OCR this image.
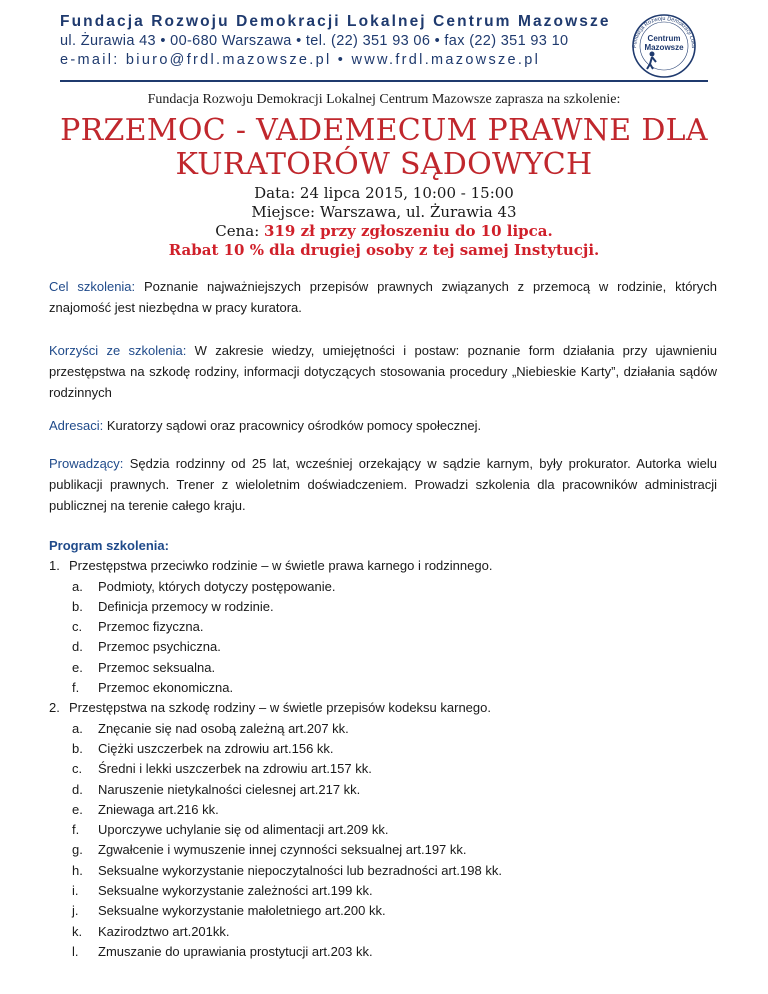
Fundacja Rozwoju Demokracji Lokalnej Centrum Mazowsze
ul. Żurawia 43 • 00-680 Warszawa • tel. (22) 351 93 06 • fax (22) 351 93 10
e-mail: biuro@frdl.mazowsze.pl • www.frdl.mazowsze.pl
Fundacja Rozwoju Demokracji Loka
Centrum
Mazowsze
Fundacja Rozwoju Demokracji Lokalnej Centrum Mazowsze zaprasza na szkolenie:
PRZEMOC - VADEMECUM PRAWNE DLA
KURATORÓW SĄDOWYCH
Data: 24 lipca 2015, 10:00 - 15:00
Miejsce: Warszawa, ul. Żurawia 43
Cena: 319 zł przy zgłoszeniu do 10 lipca.
Rabat 10 % dla drugiej osoby z tej samej Instytucji.
Cel szkolenia: Poznanie najważniejszych przepisów prawnych związanych z przemocą w rodzinie, których znajomość jest niezbędna w pracy kuratora.
Korzyści ze szkolenia: W zakresie wiedzy, umiejętności i postaw: poznanie form działania przy ujawnieniu przestępstwa na szkodę rodziny, informacji dotyczących stosowania procedury „Niebieskie Karty”, działania sądów rodzinnych
Adresaci: Kuratorzy sądowi oraz pracownicy ośrodków pomocy społecznej.
Prowadzący: Sędzia rodzinny od 25 lat, wcześniej orzekający w sądzie karnym, były prokurator. Autorka wielu publikacji prawnych. Trener z wieloletnim doświadczeniem. Prowadzi szkolenia dla pracowników administracji publicznej na terenie całego kraju.
Program szkolenia:
1. Przestępstwa przeciwko rodzinie – w świetle prawa karnego i rodzinnego.
a.	Podmioty, których dotyczy postępowanie.
b.	Definicja przemocy w rodzinie.
c.	Przemoc fizyczna.
d.	Przemoc psychiczna.
e.	Przemoc seksualna.
f.	Przemoc ekonomiczna.
2. Przestępstwa na szkodę rodziny – w świetle przepisów kodeksu karnego.
a.	Znęcanie się nad osobą zależną art.207 kk.
b.	Ciężki uszczerbek na zdrowiu art.156 kk.
c.	Średni i lekki uszczerbek na zdrowiu art.157 kk.
d.	Naruszenie nietykalności cielesnej art.217 kk.
e.	Zniewaga art.216 kk.
f.	Uporczywe uchylanie się od alimentacji art.209 kk.
g.	Zgwałcenie i wymuszenie innej czynności seksualnej art.197 kk.
h.	Seksualne wykorzystanie niepoczytalności lub bezradności art.198 kk.
i.	Seksualne wykorzystanie zależności art.199 kk.
j.	Seksualne wykorzystanie małoletniego art.200 kk.
k.	Kazirodztwo art.201kk.
l.	Zmuszanie do uprawiania prostytucji art.203 kk.
